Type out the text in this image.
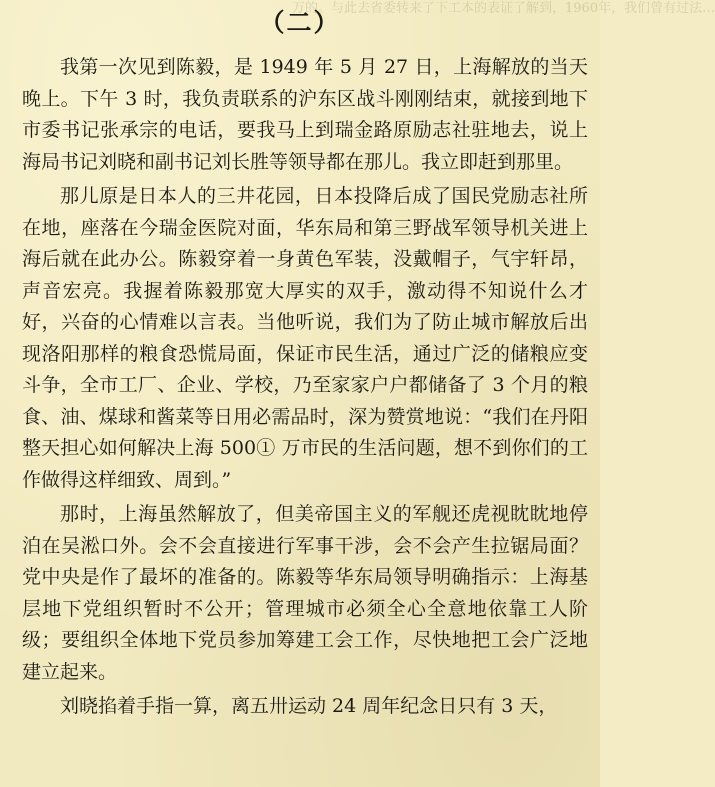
万的。与此去省委转来了下工本的表证了解到，1960年，我们曾有过法…
（二）

我第一次见到陈毅，是 1949 年 5 月 27 日，上海解放的当天晚上。下午 3 时，我负责联系的沪东区战斗刚刚结束，就接到地下市委书记张承宗的电话，要我马上到瑞金路原励志社驻地去，说上海局书记刘晓和副书记刘长胜等领导都在那儿。我立即赶到那里。

那儿原是日本人的三井花园，日本投降后成了国民党励志社所在地，座落在今瑞金医院对面，华东局和第三野战军领导机关进上海后就在此办公。陈毅穿着一身黄色军装，没戴帽子，气宇轩昂，声音宏亮。我握着陈毅那宽大厚实的双手，激动得不知说什么才好，兴奋的心情难以言表。当他听说，我们为了防止城市解放后出现洛阳那样的粮食恐慌局面，保证市民生活，通过广泛的储粮应变斗争，全市工厂、企业、学校，乃至家家户户都储备了 3 个月的粮食、油、煤球和酱菜等日用必需品时，深为赞赏地说：“我们在丹阳整天担心如何解决上海 500① 万市民的生活问题，想不到你们的工作做得这样细致、周到。”

那时，上海虽然解放了，但美帝国主义的军舰还虎视眈眈地停泊在吴淞口外。会不会直接进行军事干涉，会不会产生拉锯局面？党中央是作了最坏的准备的。陈毅等华东局领导明确指示：上海基层地下党组织暂时不公开；管理城市必须全心全意地依靠工人阶级；要组织全体地下党员参加筹建工会工作，尽快地把工会广泛地建立起来。

刘晓掐着手指一算，离五卅运动 24 周年纪念日只有 3 天，
